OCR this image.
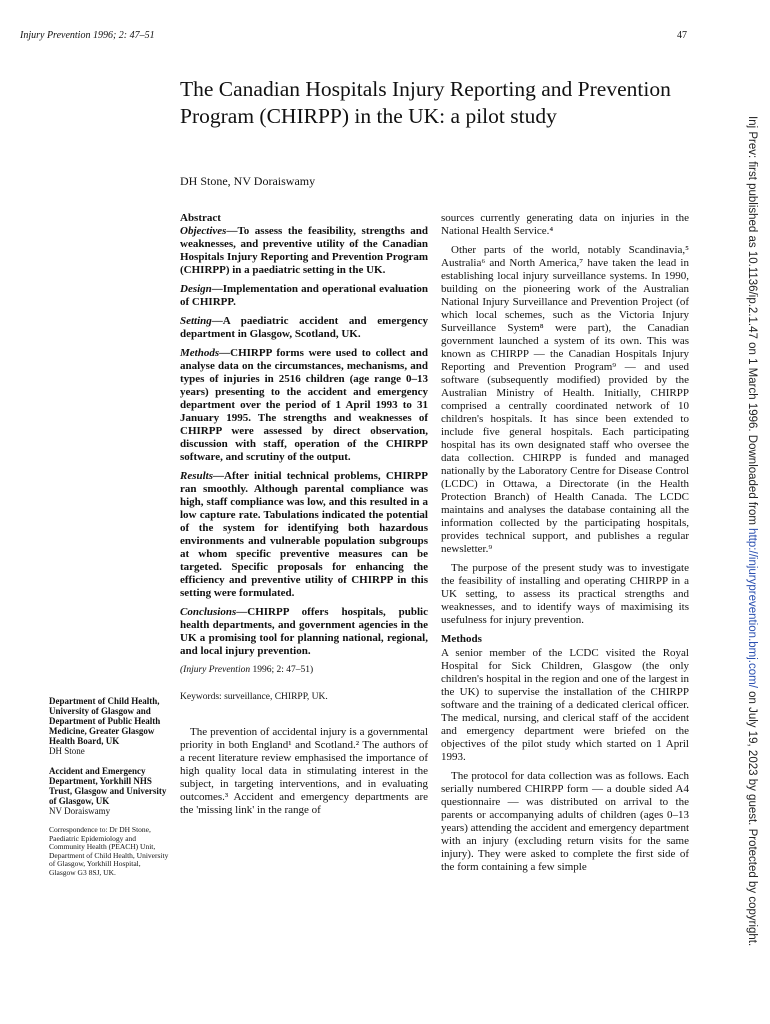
Injury Prevention 1996; 2: 47–51	47
The Canadian Hospitals Injury Reporting and Prevention Program (CHIRPP) in the UK: a pilot study
DH Stone, NV Doraiswamy
Abstract

Objectives—To assess the feasibility, strengths and weaknesses, and preventive utility of the Canadian Hospitals Injury Reporting and Prevention Program (CHIRPP) in a paediatric setting in the UK.

Design—Implementation and operational evaluation of CHIRPP.

Setting—A paediatric accident and emergency department in Glasgow, Scotland, UK.

Methods—CHIRPP forms were used to collect and analyse data on the circumstances, mechanisms, and types of injuries in 2516 children (age range 0–13 years) presenting to the accident and emergency department over the period of 1 April 1993 to 31 January 1995. The strengths and weaknesses of CHIRPP were assessed by direct observation, discussion with staff, operation of the CHIRPP software, and scrutiny of the output.

Results—After initial technical problems, CHIRPP ran smoothly. Although parental compliance was high, staff compliance was low, and this resulted in a low capture rate. Tabulations indicated the potential of the system for identifying both hazardous environments and vulnerable population subgroups at whom specific preventive measures can be targeted. Specific proposals for enhancing the efficiency and preventive utility of CHIRPP in this setting were formulated.

Conclusions—CHIRPP offers hospitals, public health departments, and government agencies in the UK a promising tool for planning national, regional, and local injury prevention.

(Injury Prevention 1996; 2: 47–51)
Keywords: surveillance, CHIRPP, UK.

The prevention of accidental injury is a governmental priority in both England¹ and Scotland.² The authors of a recent literature review emphasised the importance of high quality local data in stimulating interest in the subject, in targeting interventions, and in evaluating outcomes.³ Accident and emergency departments are the 'missing link' in the range of

sources currently generating data on injuries in the National Health Service.⁴

Other parts of the world, notably Scandinavia,⁵ Australia⁶ and North America,⁷ have taken the lead in establishing local injury surveillance systems. In 1990, building on the pioneering work of the Australian National Injury Surveillance and Prevention Project (of which local schemes, such as the Victoria Injury Surveillance System⁸ were part), the Canadian government launched a system of its own. This was known as CHIRPP — the Canadian Hospitals Injury Reporting and Prevention Program⁹ — and used software (subsequently modified) provided by the Australian Ministry of Health. Initially, CHIRPP comprised a centrally coordinated network of 10 children's hospitals. It has since been extended to include five general hospitals. Each participating hospital has its own designated staff who oversee the data collection. CHIRPP is funded and managed nationally by the Laboratory Centre for Disease Control (LCDC) in Ottawa, a Directorate (in the Health Protection Branch) of Health Canada. The LCDC maintains and analyses the database containing all the information collected by the participating hospitals, provides technical support, and publishes a regular newsletter.⁹

The purpose of the present study was to investigate the feasibility of installing and operating CHIRPP in a UK setting, to assess its practical strengths and weaknesses, and to identify ways of maximising its usefulness for injury prevention.

Methods

A senior member of the LCDC visited the Royal Hospital for Sick Children, Glasgow (the only children's hospital in the region and one of the largest in the UK) to supervise the installation of the CHIRPP software and the training of a dedicated clerical officer. The medical, nursing, and clerical staff of the accident and emergency department were briefed on the objectives of the pilot study which started on 1 April 1993.

The protocol for data collection was as follows. Each serially numbered CHIRPP form — a double sided A4 questionnaire — was distributed on arrival to the parents or accompanying adults of children (ages 0–13 years) attending the accident and emergency department with an injury (excluding return visits for the same injury). They were asked to complete the first side of the form containing a few simple

Department of Child Health, University of Glasgow and Department of Public Health Medicine, Greater Glasgow Health Board, UK
DH Stone
Accident and Emergency Department, Yorkhill NHS Trust, Glasgow and University of Glasgow, UK
NV Doraiswamy
Correspondence to: Dr DH Stone, Paediatric Epidemiology and Community Health (PEACH) Unit, Department of Child Health, University of Glasgow, Yorkhill Hospital, Glasgow G3 8SJ, UK.
Inj Prev: first published as 10.1136/ip.2.1.47 on 1 March 1996. Downloaded from http://injuryprevention.bmj.com/ on July 19, 2023 by guest. Protected by copyright.
